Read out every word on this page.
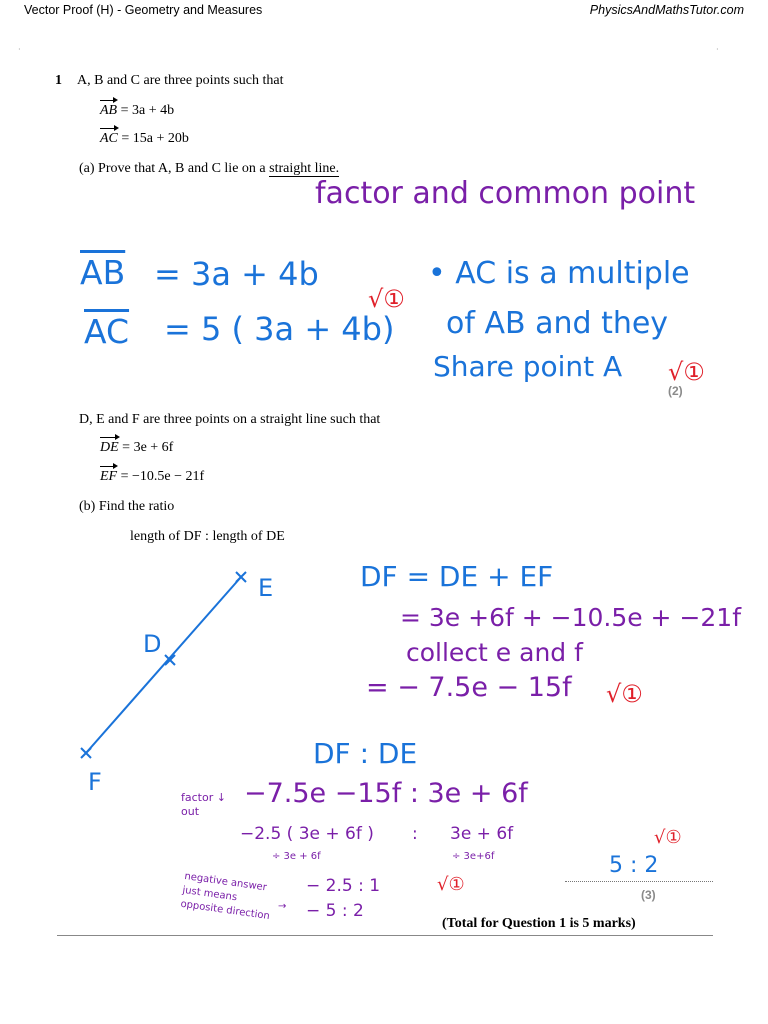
Vector Proof (H) - Geometry and Measures	PhysicsAndMathsTutor.com
·	·
1 A, B and C are three points such that
AB = 3a + 4b
AC = 15a + 20b
(a) Prove that A, B and C lie on a straight line.
(2)
D, E and F are three points on a straight line such that
DE = 3e + 6f
EF = −10.5e − 21f
(b) Find the ratio
length of DF : length of DE
(3)
(Total for Question 1 is 5 marks)
factor and common point
$\overline{AB} = 3a + 4b$
$\overline{AC} = 5$ ( 3a + 4b)
√①
• AC is a multiple
of AB and they
Share point A √①
E
D
F
DF = DE + EF
= 3e +6f + −10.5e + −21f
collect e and f
= − 7.5e − 15f √①
DF : DE
−7.5e −15f : 3e + 6f
factor ↓
out
−2.5 ( 3e + 6f ) : 3e + 6f
÷ 3e + 6f	÷ 3e+6f
− 2.5 : 1	√①
− 5 : 2
→
negative answer
just means
opposite direction
5 : 2
√①
